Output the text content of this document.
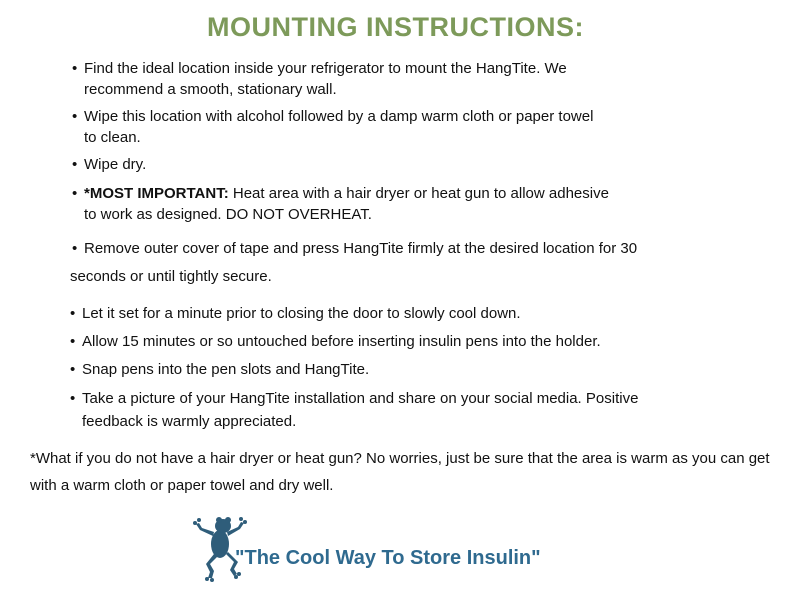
MOUNTING INSTRUCTIONS:
• Find the ideal location inside your refrigerator to mount the HangTite. We
recommend a smooth, stationary wall.
• Wipe this location with alcohol followed by a damp warm cloth or paper towel
to clean.
• Wipe dry.
• *MOST IMPORTANT: Heat area with a hair dryer or heat gun to allow adhesive
to work as designed. DO NOT OVERHEAT.
• Remove outer cover of tape and press HangTite firmly at the desired location for 30
seconds or until tightly secure.
• Let it set for a minute prior to closing the door to slowly cool down.
• Allow 15 minutes or so untouched before inserting insulin pens into the holder.
• Snap pens into the pen slots and HangTite.
• Take a picture of your HangTite installation and share on your social media. Positive
feedback is warmly appreciated.
*What if you do not have a hair dryer or heat gun? No worries, just be sure that the area is warm as you can get with a warm cloth or paper towel and dry well.
"The Cool Way To Store Insulin"
